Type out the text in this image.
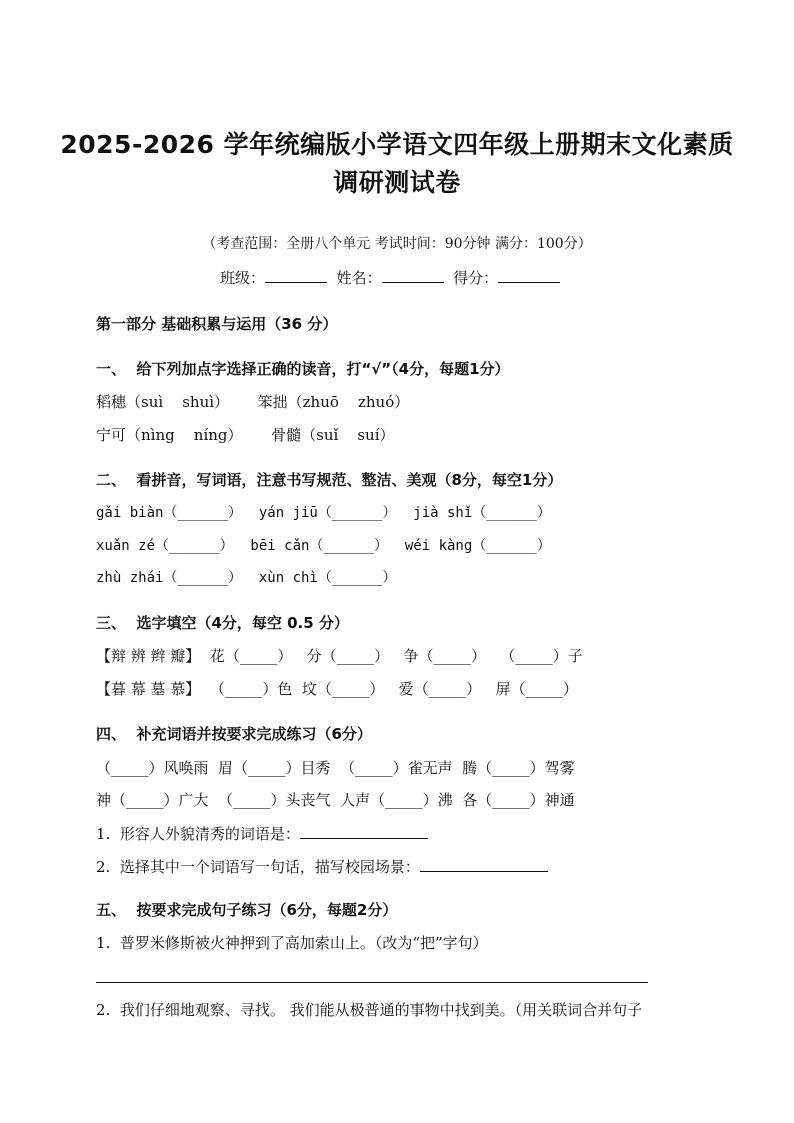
2025-2026 学年统编版小学语文四年级上册期末文化素质
调研测试卷
（考查范围：全册八个单元 考试时间：90分钟 满分：100分）
班级：	姓名：	得分：
第一部分 基础积累与运用（36 分）
一、  给下列加点字选择正确的读音，打“√”（4分，每题1分）
稻穗（suì    shuì）      笨拙（zhuō    zhuó）
宁可（nìng    níng）      骨髓（suǐ    suí）
二、  看拼音，写词语，注意书写规范、整洁、美观（8分，每空1分）
gǎi biàn（______）  yán jiū（______）  jià shǐ（______）
xuǎn zé（______）  bēi cǎn（______）  wéi kàng（______）
zhù zhái（______）  xùn chì（______）
三、  选字填空（4分，每空 0.5 分）
【辩 辨 辫 瓣】  花（_____）   分（_____）   争（_____）   （_____）子
【暮 幕 墓 慕】  （_____）色  坟（_____）   爱（_____）   屏（_____）
四、  补充词语并按要求完成练习（6分）
（_____）风唤雨  眉（_____）目秀  （_____）雀无声  腾（_____）驾雾
神（_____）广大  （_____）头丧气  人声（_____）沸  各（_____）神通
1.  形容人外貌清秀的词语是：
2.  选择其中一个词语写一句话，描写校园场景：
五、  按要求完成句子练习（6分，每题2分）
1.  普罗米修斯被火神押到了高加索山上。（改为“把”字句）
2.  我们仔细地观察、寻找。 我们能从极普通的事物中找到美。（用关联词合并句子
